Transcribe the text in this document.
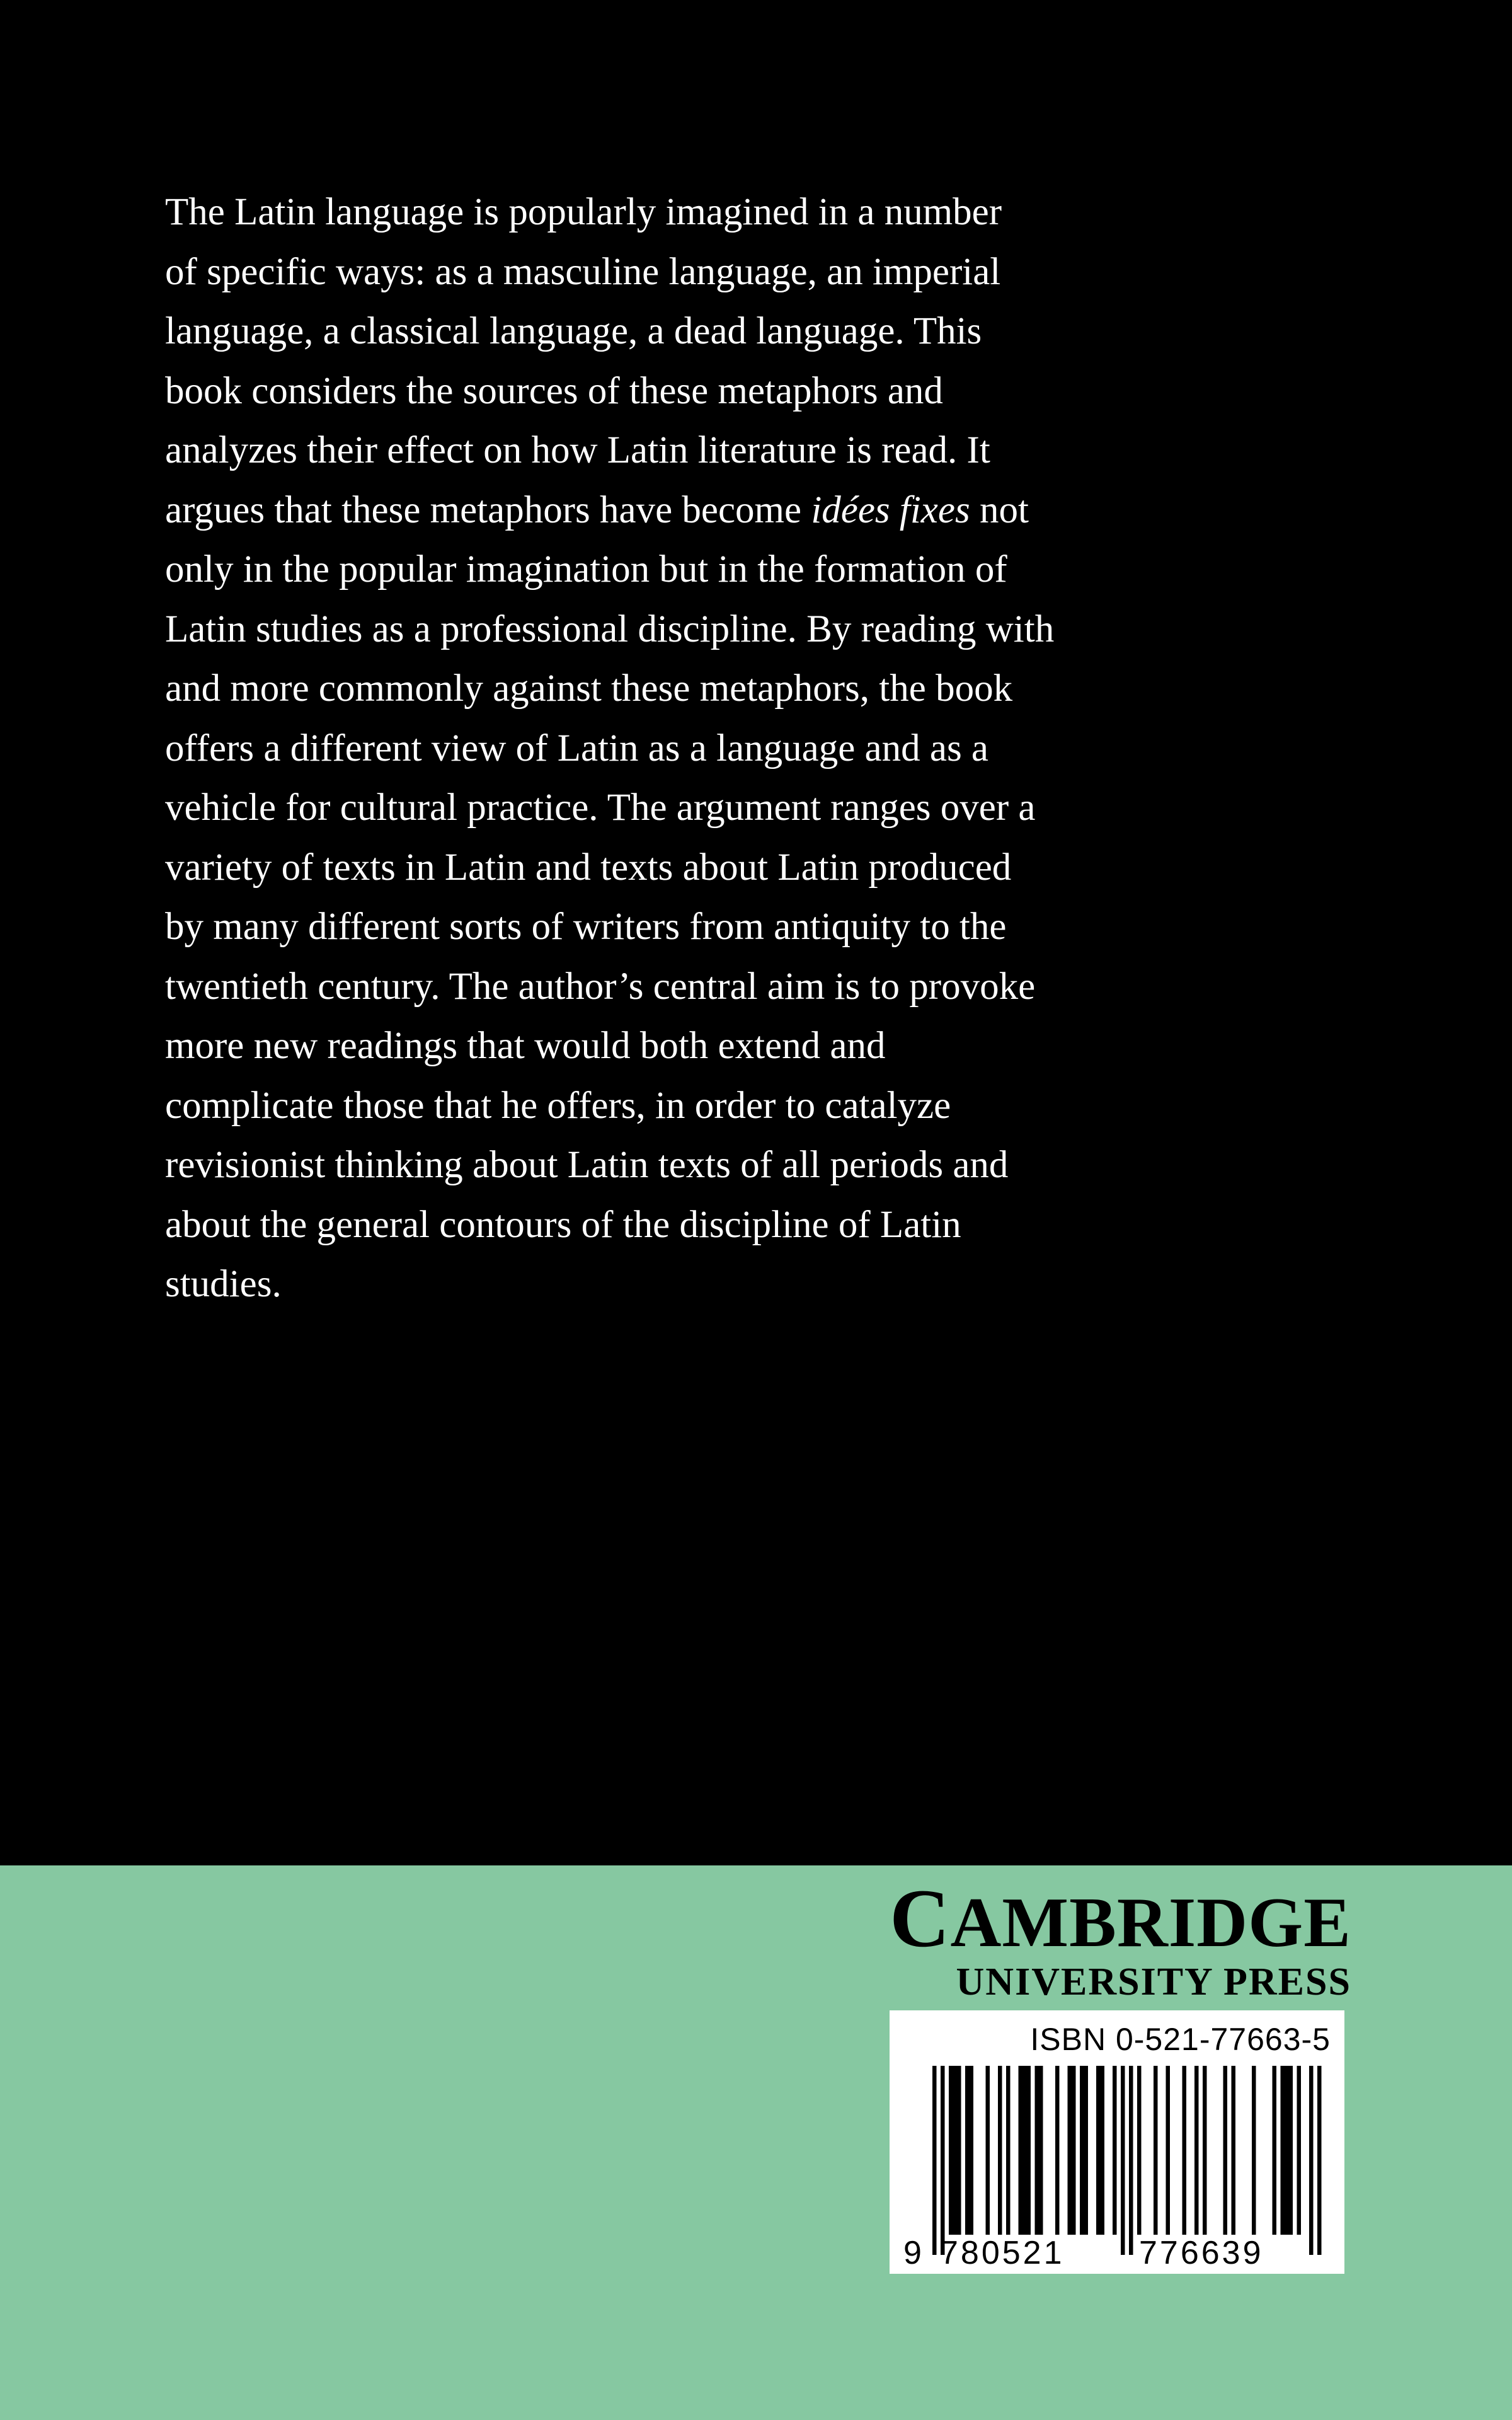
The Latin language is popularly imagined in a number
of specific ways: as a masculine language, an imperial
language, a classical language, a dead language. This
book considers the sources of these metaphors and
analyzes their effect on how Latin literature is read. It
argues that these metaphors have become idées fixes not
only in the popular imagination but in the formation of
Latin studies as a professional discipline. By reading with
and more commonly against these metaphors, the book
offers a different view of Latin as a language and as a
vehicle for cultural practice. The argument ranges over a
variety of texts in Latin and texts about Latin produced
by many different sorts of writers from antiquity to the
twentieth century. The author’s central aim is to provoke
more new readings that would both extend and
complicate those that he offers, in order to catalyze
revisionist thinking about Latin texts of all periods and
about the general contours of the discipline of Latin
studies.
CAMBRIDGE
UNIVERSITY PRESS
ISBN 0-521-77663-5
9 780521 776639
